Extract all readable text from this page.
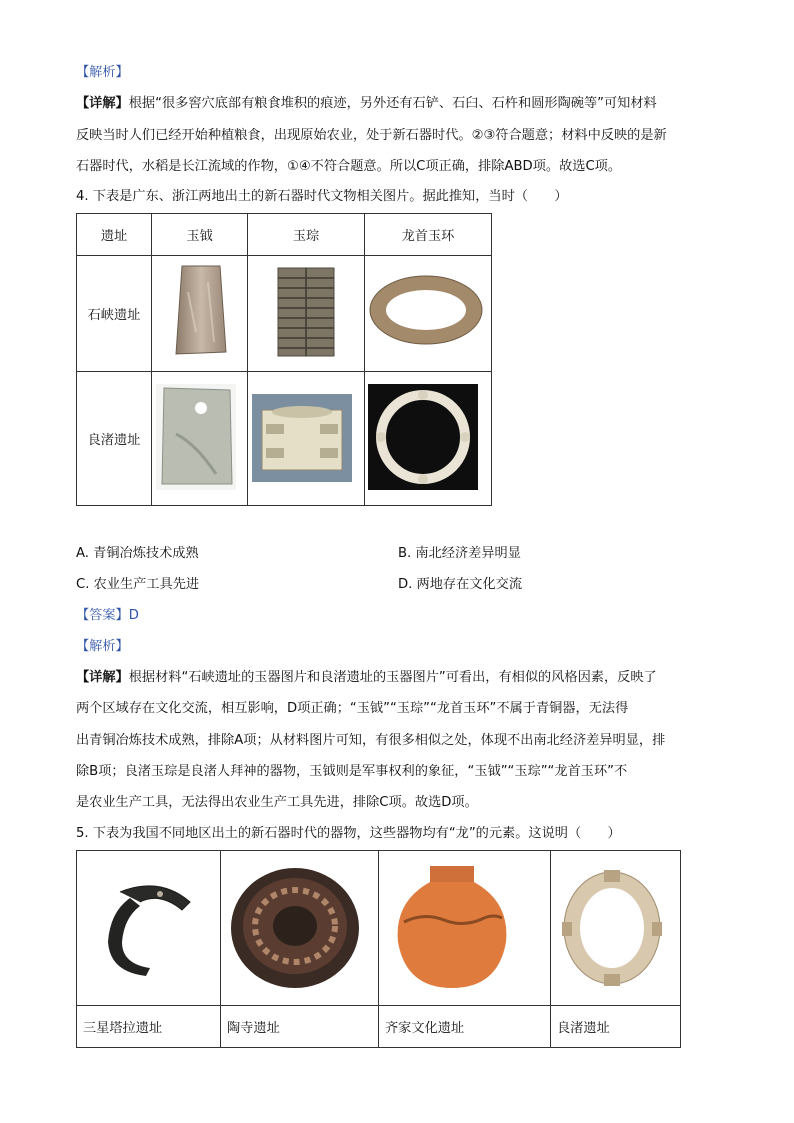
【解析】
【详解】根据“很多窖穴底部有粮食堆积的痕迹，另外还有石铲、石臼、石杵和圆形陶碗等”可知材料
反映当时人们已经开始种植粮食，出现原始农业，处于新石器时代。②③符合题意；材料中反映的是新
石器时代，水稻是长江流域的作物，①④不符合题意。所以C项正确，排除ABD项。故选C项。
4. 下表是广东、浙江两地出土的新石器时代文物相关图片。据此推知，当时（　　）
遗址	玉钺	玉琮	龙首玉环
石峡遗址			
良渚遗址			
A. 青铜冶炼技术成熟	B. 南北经济差异明显
C. 农业生产工具先进	D. 两地存在文化交流
【答案】D
【解析】
【详解】根据材料“石峡遗址的玉器图片和良渚遗址的玉器图片”可看出，有相似的风格因素，反映了
两个区域存在文化交流，相互影响，D项正确；“玉钺”“玉琮”“龙首玉环”不属于青铜器，无法得
出青铜冶炼技术成熟，排除A项；从材料图片可知，有很多相似之处，体现不出南北经济差异明显，排
除B项；良渚玉琮是良渚人拜神的器物，玉钺则是军事权利的象征，“玉钺”“玉琮”“龙首玉环”不
是农业生产工具，无法得出农业生产工具先进，排除C项。故选D项。
5. 下表为我国不同地区出土的新石器时代的器物，这些器物均有“龙”的元素。这说明（　　）

三星塔拉遗址	陶寺遗址	齐家文化遗址	良渚遗址
